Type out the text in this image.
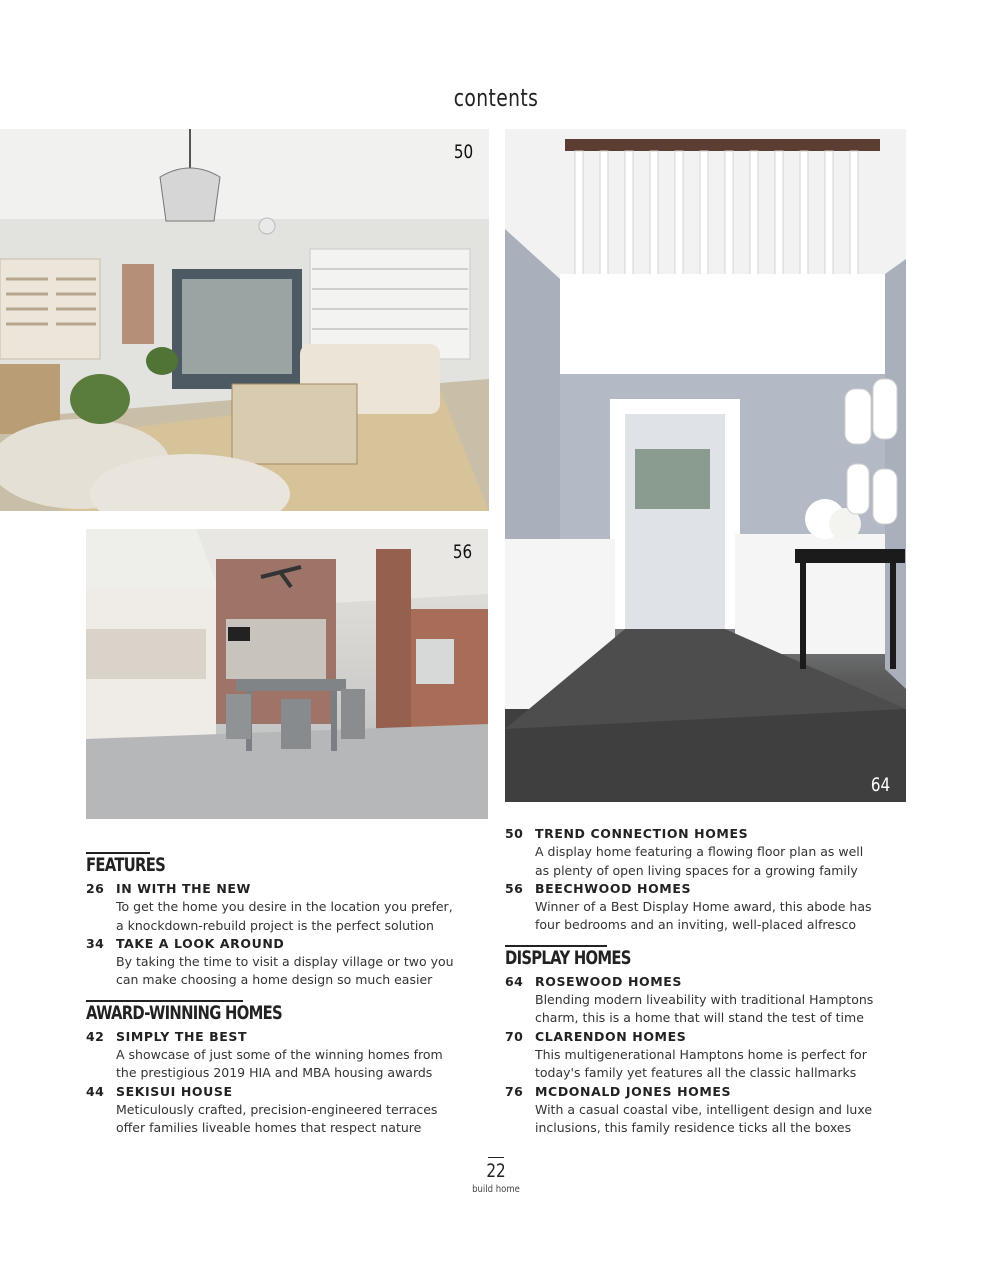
contents
50
56
64
FEATURES
26 IN WITH THE NEW
To get the home you desire in the location you prefer,
a knockdown-rebuild project is the perfect solution
34 TAKE A LOOK AROUND
By taking the time to visit a display village or two you
can make choosing a home design so much easier
AWARD-WINNING HOMES
42 SIMPLY THE BEST
A showcase of just some of the winning homes from
the prestigious 2019 HIA and MBA housing awards
44 SEKISUI HOUSE
Meticulously crafted, precision-engineered terraces
offer families liveable homes that respect nature
50 TREND CONNECTION HOMES
A display home featuring a flowing floor plan as well
as plenty of open living spaces for a growing family
56 BEECHWOOD HOMES
Winner of a Best Display Home award, this abode has
four bedrooms and an inviting, well-placed alfresco
DISPLAY HOMES
64 ROSEWOOD HOMES
Blending modern liveability with traditional Hamptons
charm, this is a home that will stand the test of time
70 CLARENDON HOMES
This multigenerational Hamptons home is perfect for
today's family yet features all the classic hallmarks
76 MCDONALD JONES HOMES
With a casual coastal vibe, intelligent design and luxe
inclusions, this family residence ticks all the boxes
22
build home
